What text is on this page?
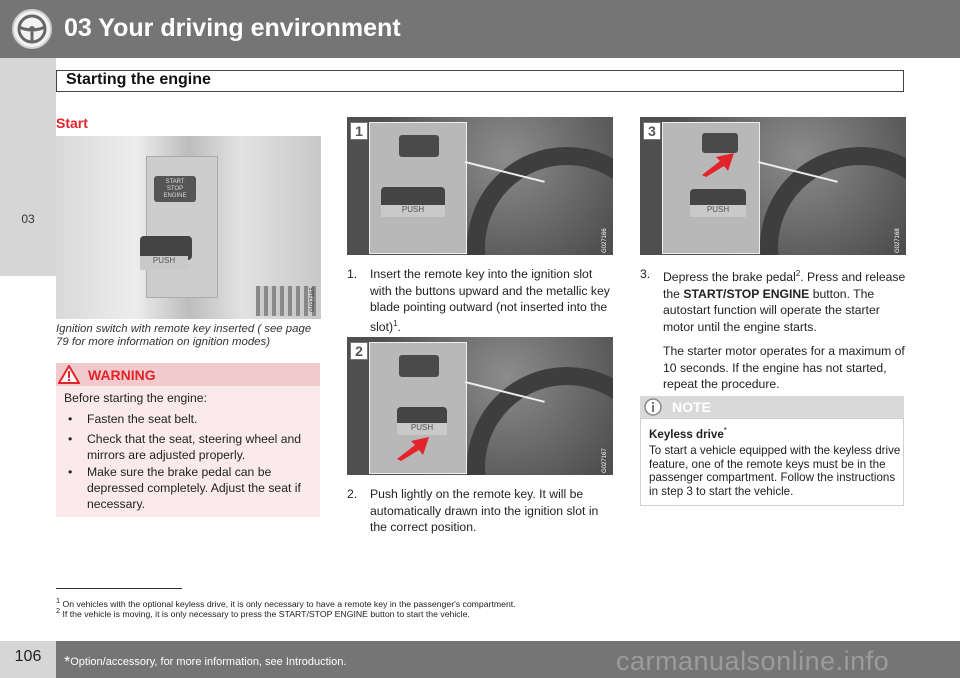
03 Your driving environment
03
Starting the engine
Start
START
STOP
ENGINE
PUSH
G027165
Ignition switch with remote key inserted ( see page 79 for more information on ignition modes)
WARNING
Before starting the engine:
• Fasten the seat belt.
• Check that the seat, steering wheel and mirrors are adjusted properly.
• Make sure the brake pedal can be depressed completely. Adjust the seat if necessary.
PUSH
1
G027166
1. Insert the remote key into the ignition slot with the buttons upward and the metallic key blade pointing outward (not inserted into the slot)$^1$.
PUSH
2
G027167
2. Push lightly on the remote key. It will be automatically drawn into the ignition slot in the correct position.
PUSH
3
G027168
3. Depress the brake pedal$^2$. Press and release the START/STOP ENGINE button. The autostart function will operate the starter motor until the engine starts.
The starter motor operates for a maximum of 10 seconds. If the engine has not started, repeat the procedure.
NOTE
Keyless drive*
To start a vehicle equipped with the keyless drive feature, one of the remote keys must be in the passenger compartment. Follow the instructions in step 3 to start the vehicle.
$^1$ On vehicles with the optional keyless drive, it is only necessary to have a remote key in the passenger's compartment.
$^2$ If the vehicle is moving, it is only necessary to press the START/STOP ENGINE button to start the vehicle.
106	*Option/accessory, for more information, see Introduction.	carmanualsonline.info
